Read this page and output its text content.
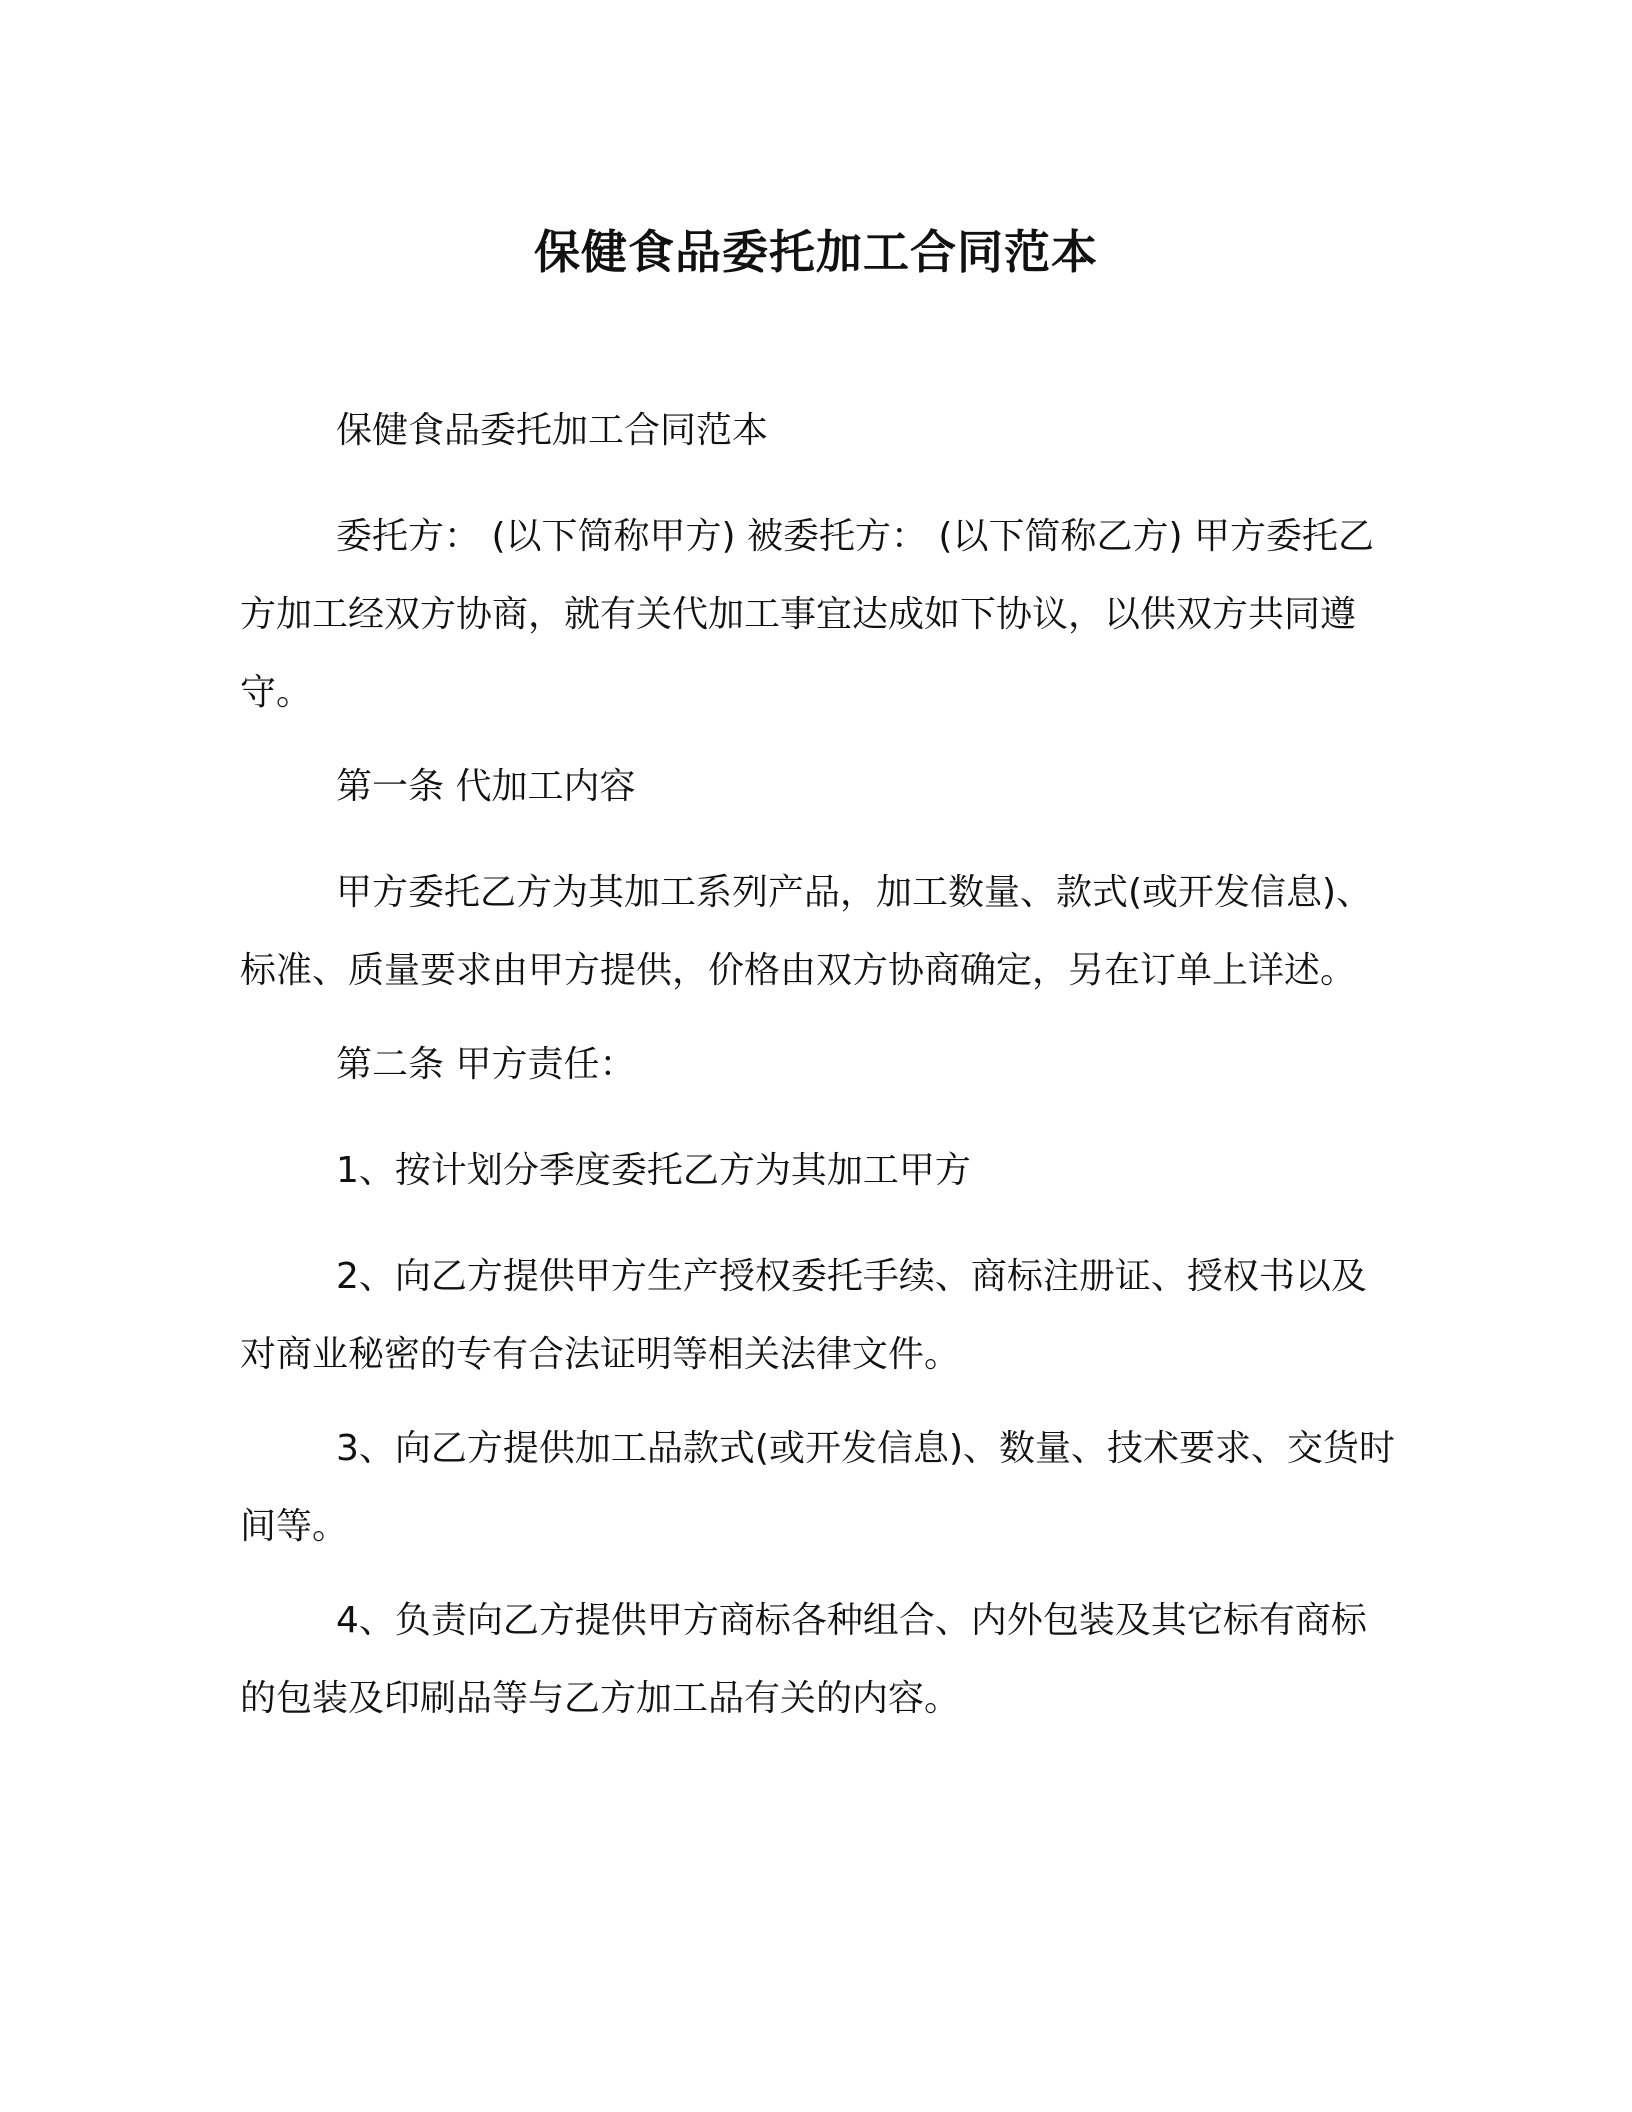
保健食品委托加工合同范本

保健食品委托加工合同范本

委托方： (以下简称甲方) 被委托方： (以下简称乙方) 甲方委托乙方加工经双方协商，就有关代加工事宜达成如下协议，以供双方共同遵守。

第一条 代加工内容

甲方委托乙方为其加工系列产品，加工数量、款式(或开发信息)、标准、质量要求由甲方提供，价格由双方协商确定，另在订单上详述。

第二条 甲方责任：

1、按计划分季度委托乙方为其加工甲方

2、向乙方提供甲方生产授权委托手续、商标注册证、授权书以及对商业秘密的专有合法证明等相关法律文件。

3、向乙方提供加工品款式(或开发信息)、数量、技术要求、交货时间等。

4、负责向乙方提供甲方商标各种组合、内外包装及其它标有商标的包装及印刷品等与乙方加工品有关的内容。
